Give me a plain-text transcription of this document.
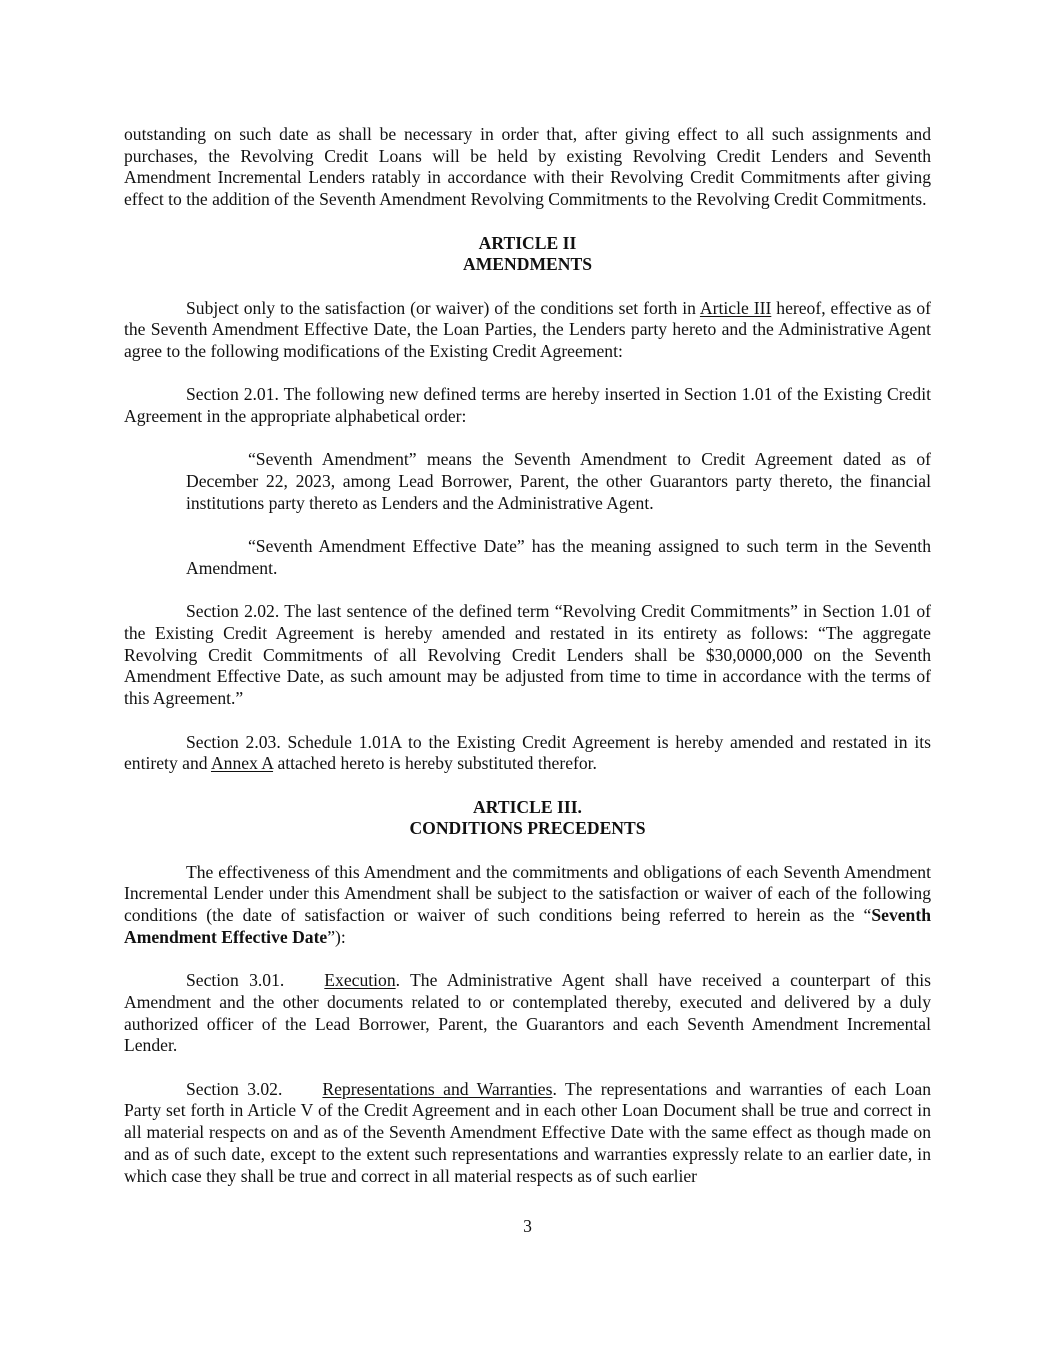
outstanding on such date as shall be necessary in order that, after giving effect to all such assignments and purchases, the Revolving Credit Loans will be held by existing Revolving Credit Lenders and Seventh Amendment Incremental Lenders ratably in accordance with their Revolving Credit Commitments after giving effect to the addition of the Seventh Amendment Revolving Commitments to the Revolving Credit Commitments.

ARTICLE II

AMENDMENTS

Subject only to the satisfaction (or waiver) of the conditions set forth in Article III hereof, effective as of the Seventh Amendment Effective Date, the Loan Parties, the Lenders party hereto and the Administrative Agent agree to the following modifications of the Existing Credit Agreement:

Section 2.01. The following new defined terms are hereby inserted in Section 1.01 of the Existing Credit Agreement in the appropriate alphabetical order:

“Seventh Amendment” means the Seventh Amendment to Credit Agreement dated as of December 22, 2023, among Lead Borrower, Parent, the other Guarantors party thereto, the financial institutions party thereto as Lenders and the Administrative Agent.

“Seventh Amendment Effective Date” has the meaning assigned to such term in the Seventh Amendment.

Section 2.02. The last sentence of the defined term “Revolving Credit Commitments” in Section 1.01 of the Existing Credit Agreement is hereby amended and restated in its entirety as follows: “The aggregate Revolving Credit Commitments of all Revolving Credit Lenders shall be $30,0000,000 on the Seventh Amendment Effective Date, as such amount may be adjusted from time to time in accordance with the terms of this Agreement.”

Section 2.03. Schedule 1.01A to the Existing Credit Agreement is hereby amended and restated in its entirety and Annex A attached hereto is hereby substituted therefor.

ARTICLE III.

CONDITIONS PRECEDENTS

The effectiveness of this Amendment and the commitments and obligations of each Seventh Amendment Incremental Lender under this Amendment shall be subject to the satisfaction or waiver of each of the following conditions (the date of satisfaction or waiver of such conditions being referred to herein as the “Seventh Amendment Effective Date”):

Section 3.01. Execution. The Administrative Agent shall have received a counterpart of this Amendment and the other documents related to or contemplated thereby, executed and delivered by a duly authorized officer of the Lead Borrower, Parent, the Guarantors and each Seventh Amendment Incremental Lender.

Section 3.02. Representations and Warranties. The representations and warranties of each Loan Party set forth in Article V of the Credit Agreement and in each other Loan Document shall be true and correct in all material respects on and as of the Seventh Amendment Effective Date with the same effect as though made on and as of such date, except to the extent such representations and warranties expressly relate to an earlier date, in which case they shall be true and correct in all material respects as of such earlier

3
